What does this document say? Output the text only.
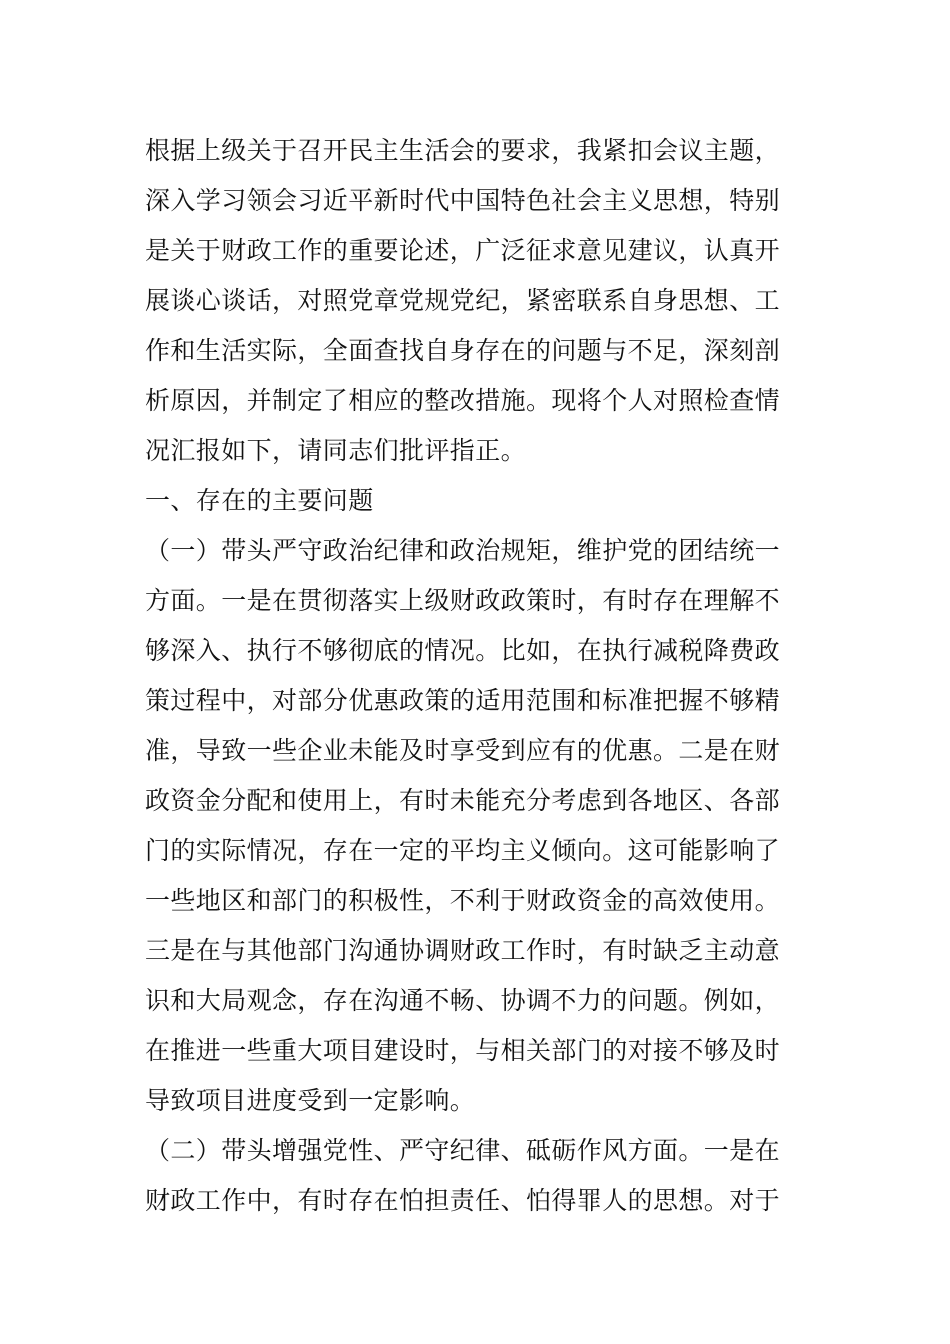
根据上级关于召开民主生活会的要求，我紧扣会议主题，
深入学习领会习近平新时代中国特色社会主义思想，特别
是关于财政工作的重要论述，广泛征求意见建议，认真开
展谈心谈话，对照党章党规党纪，紧密联系自身思想、工
作和生活实际，全面查找自身存在的问题与不足，深刻剖
析原因，并制定了相应的整改措施。现将个人对照检查情
况汇报如下，请同志们批评指正。
一、存在的主要问题
（一）带头严守政治纪律和政治规矩，维护党的团结统一
方面。一是在贯彻落实上级财政政策时，有时存在理解不
够深入、执行不够彻底的情况。比如，在执行减税降费政
策过程中，对部分优惠政策的适用范围和标准把握不够精
准，导致一些企业未能及时享受到应有的优惠。二是在财
政资金分配和使用上，有时未能充分考虑到各地区、各部
门的实际情况，存在一定的平均主义倾向。这可能影响了
一些地区和部门的积极性，不利于财政资金的高效使用。
三是在与其他部门沟通协调财政工作时，有时缺乏主动意
识和大局观念，存在沟通不畅、协调不力的问题。例如，
在推进一些重大项目建设时，与相关部门的对接不够及时
导致项目进度受到一定影响。
（二）带头增强党性、严守纪律、砥砺作风方面。一是在
财政工作中，有时存在怕担责任、怕得罪人的思想。对于
